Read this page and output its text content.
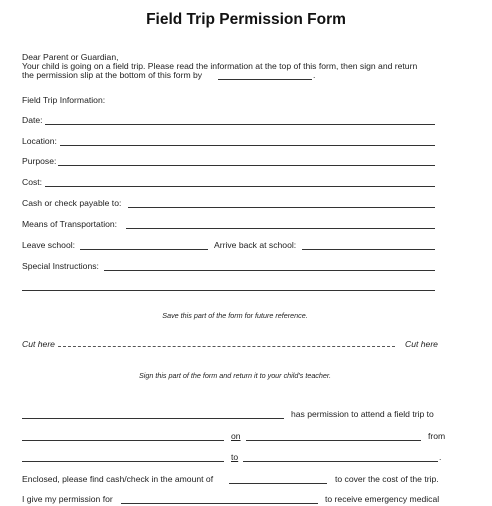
Field Trip Permission Form
Dear Parent or Guardian,
Your child is going on a field trip. Please read the information at the top of this form, then sign and return
the permission slip at the bottom of this form by	.
Field Trip Information:
Date:
Location:
Purpose:
Cost:
Cash or check payable to:
Means of Transportation:
Leave school:	Arrive back at school:
Special Instructions:
Save this part of the form for future reference.
Cut here	Cut here
Sign this part of the form and return it to your child's teacher.
has permission to attend a field trip to
on	from
to	.
Enclosed, please find cash/check in the amount of	to cover the cost of the trip.
I give my permission for	to receive emergency medical
